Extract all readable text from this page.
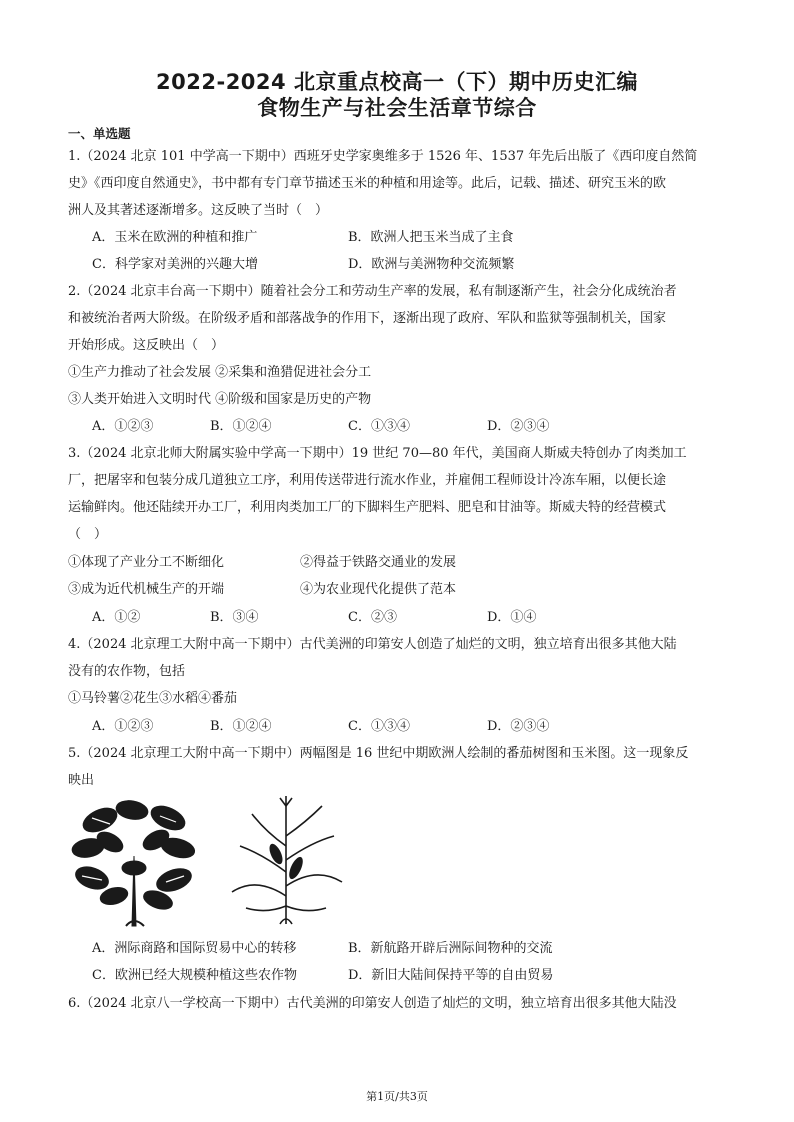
2022-2024 北京重点校高一（下）期中历史汇编
食物生产与社会生活章节综合
一、单选题
1.（2024 北京 101 中学高一下期中）西班牙史学家奥维多于 1526 年、1537 年先后出版了《西印度自然简
史》《西印度自然通史》，书中都有专门章节描述玉米的种植和用途等。此后，记载、描述、研究玉米的欧
洲人及其著述逐渐增多。这反映了当时（　）
A．玉米在欧洲的种植和推广	B．欧洲人把玉米当成了主食
C．科学家对美洲的兴趣大增	D．欧洲与美洲物种交流频繁
2.（2024 北京丰台高一下期中）随着社会分工和劳动生产率的发展，私有制逐渐产生，社会分化成统治者
和被统治者两大阶级。在阶级矛盾和部落战争的作用下，逐渐出现了政府、军队和监狱等强制机关，国家
开始形成。这反映出（　）
①生产力推动了社会发展 ②采集和渔猎促进社会分工
③人类开始进入文明时代 ④阶级和国家是历史的产物
A．①②③	B．①②④	C．①③④	D．②③④
3.（2024 北京北师大附属实验中学高一下期中）19 世纪 70—80 年代，美国商人斯威夫特创办了肉类加工
厂，把屠宰和包装分成几道独立工序，利用传送带进行流水作业，并雇佣工程师设计冷冻车厢，以便长途
运输鲜肉。他还陆续开办工厂，利用肉类加工厂的下脚料生产肥料、肥皂和甘油等。斯威夫特的经营模式
（　）
①体现了产业分工不断细化	②得益于铁路交通业的发展
③成为近代机械生产的开端	④为农业现代化提供了范本
A．①②	B．③④	C．②③	D．①④
4.（2024 北京理工大附中高一下期中）古代美洲的印第安人创造了灿烂的文明，独立培育出很多其他大陆
没有的农作物，包括
①马铃薯②花生③水稻④番茄
A．①②③	B．①②④	C．①③④	D．②③④
5.（2024 北京理工大附中高一下期中）两幅图是 16 世纪中期欧洲人绘制的番茄树图和玉米图。这一现象反
映出
A．洲际商路和国际贸易中心的转移	B．新航路开辟后洲际间物种的交流
C．欧洲已经大规模种植这些农作物	D．新旧大陆间保持平等的自由贸易
6.（2024 北京八一学校高一下期中）古代美洲的印第安人创造了灿烂的文明，独立培育出很多其他大陆没
第1页/共3页
